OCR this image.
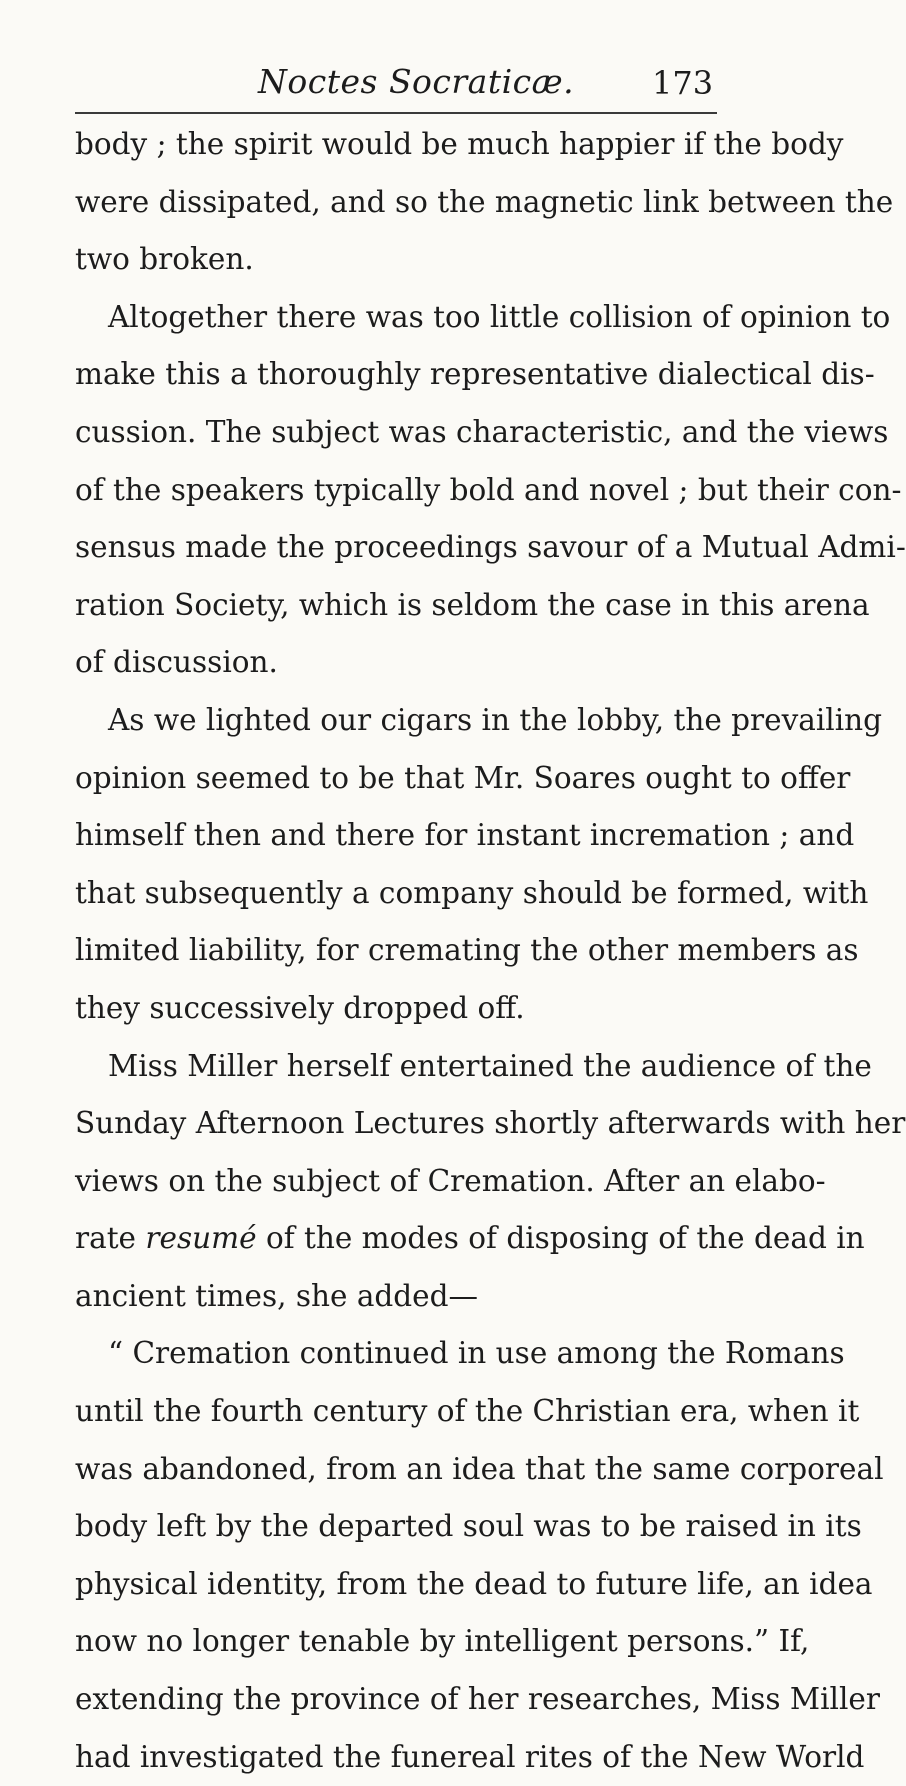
Noctes Socraticæ. 173
body ; the spirit would be much happier if the body
were dissipated, and so the magnetic link between the
two broken.
Altogether there was too little collision of opinion to
make this a thoroughly representative dialectical dis-
cussion. The subject was characteristic, and the views
of the speakers typically bold and novel ; but their con-
sensus made the proceedings savour of a Mutual Admi-
ration Society, which is seldom the case in this arena
of discussion.
As we lighted our cigars in the lobby, the prevailing
opinion seemed to be that Mr. Soares ought to offer
himself then and there for instant incremation ; and
that subsequently a company should be formed, with
limited liability, for cremating the other members as
they successively dropped off.
Miss Miller herself entertained the audience of the
Sunday Afternoon Lectures shortly afterwards with her
views on the subject of Cremation. After an elabo-
rate resumé of the modes of disposing of the dead in
ancient times, she added—
“ Cremation continued in use among the Romans
until the fourth century of the Christian era, when it
was abandoned, from an idea that the same corporeal
body left by the departed soul was to be raised in its
physical identity, from the dead to future life, an idea
now no longer tenable by intelligent persons.” If,
extending the province of her researches, Miss Miller
had investigated the funereal rites of the New World
